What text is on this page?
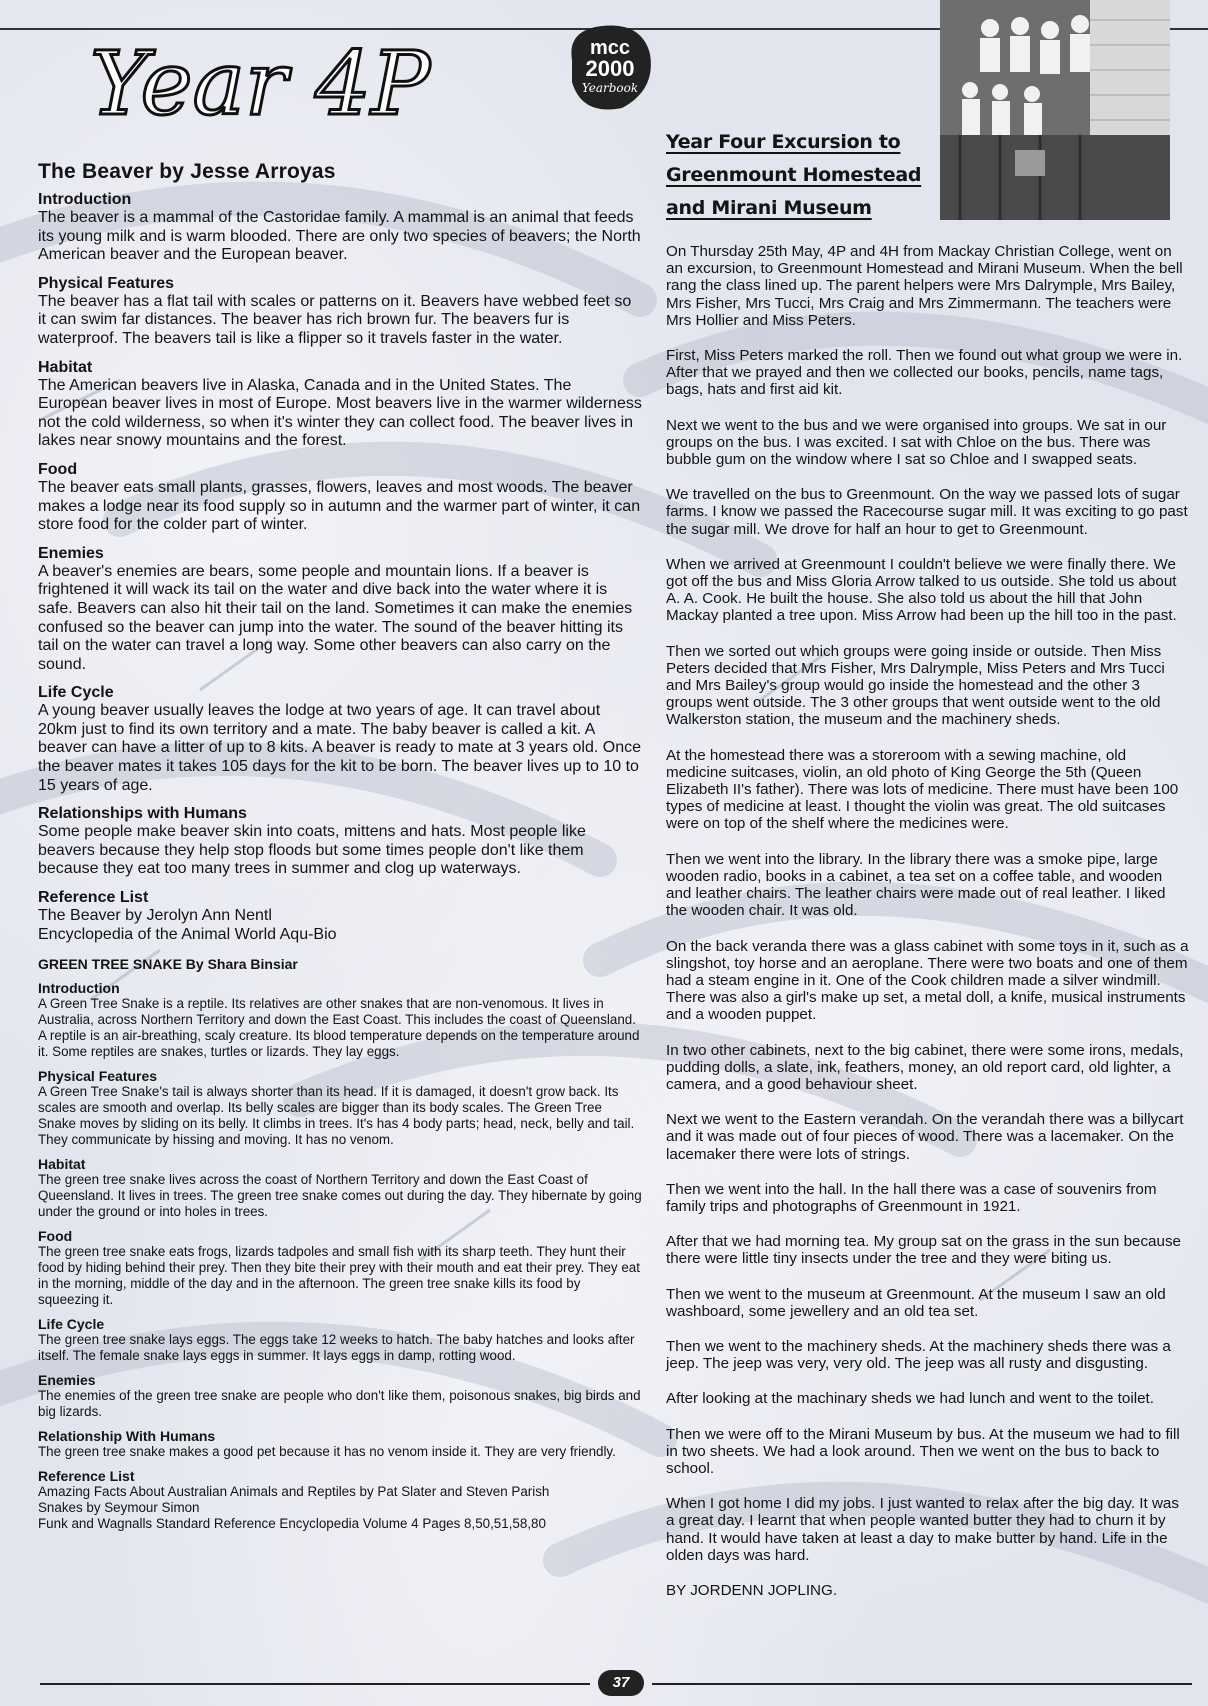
Year 4P	mcc
2000
Yearbook
The Beaver by Jesse Arroyas
Introduction
The beaver is a mammal of the Castoridae family. A mammal is an animal that feeds its young milk and is warm blooded. There are only two species of beavers; the North American beaver and the European beaver.
Physical Features
The beaver has a flat tail with scales or patterns on it. Beavers have webbed feet so it can swim far distances. The beaver has rich brown fur. The beavers fur is waterproof. The beavers tail is like a flipper so it travels faster in the water.
Habitat
The American beavers live in Alaska, Canada and in the United States. The European beaver lives in most of Europe. Most beavers live in the warmer wilderness not the cold wilderness, so when it's winter they can collect food. The beaver lives in lakes near snowy mountains and the forest.
Food
The beaver eats small plants, grasses, flowers, leaves and most woods. The beaver makes a lodge near its food supply so in autumn and the warmer part of winter, it can store food for the colder part of winter.
Enemies
A beaver's enemies are bears, some people and mountain lions. If a beaver is frightened it will wack its tail on the water and dive back into the water where it is safe. Beavers can also hit their tail on the land. Sometimes it can make the enemies confused so the beaver can jump into the water. The sound of the beaver hitting its tail on the water can travel a long way. Some other beavers can also carry on the sound.
Life Cycle
A young beaver usually leaves the lodge at two years of age. It can travel about 20km just to find its own territory and a mate. The baby beaver is called a kit. A beaver can have a litter of up to 8 kits. A beaver is ready to mate at 3 years old. Once the beaver mates it takes 105 days for the kit to be born. The beaver lives up to 10 to 15 years of age.
Relationships with Humans
Some people make beaver skin into coats, mittens and hats. Most people like beavers because they help stop floods but some times people don't like them because they eat too many trees in summer and clog up waterways.
Reference List
The Beaver by Jerolyn Ann Nentl
Encyclopedia of the Animal World Aqu-Bio
GREEN TREE SNAKE By Shara Binsiar
Introduction
A Green Tree Snake is a reptile. Its relatives are other snakes that are non-venomous. It lives in Australia, across Northern Territory and down the East Coast. This includes the coast of Queensland. A reptile is an air-breathing, scaly creature. Its blood temperature depends on the temperature around it. Some reptiles are snakes, turtles or lizards. They lay eggs.
Physical Features
A Green Tree Snake's tail is always shorter than its head. If it is damaged, it doesn't grow back. Its scales are smooth and overlap. Its belly scales are bigger than its body scales. The Green Tree Snake moves by sliding on its belly. It climbs in trees. It's has 4 body parts; head, neck, belly and tail. They communicate by hissing and moving. It has no venom.
Habitat
The green tree snake lives across the coast of Northern Territory and down the East Coast of Queensland. It lives in trees. The green tree snake comes out during the day. They hibernate by going under the ground or into holes in trees.
Food
The green tree snake eats frogs, lizards tadpoles and small fish with its sharp teeth. They hunt their food by hiding behind their prey. Then they bite their prey with their mouth and eat their prey. They eat in the morning, middle of the day and in the afternoon. The green tree snake kills its food by squeezing it.
Life Cycle
The green tree snake lays eggs. The eggs take 12 weeks to hatch. The baby hatches and looks after itself. The female snake lays eggs in summer. It lays eggs in damp, rotting wood.
Enemies
The enemies of the green tree snake are people who don't like them, poisonous snakes, big birds and big lizards.
Relationship With Humans
The green tree snake makes a good pet because it has no venom inside it. They are very friendly.
Reference List
Amazing Facts About Australian Animals and Reptiles by Pat Slater and Steven Parish
Snakes by Seymour Simon
Funk and Wagnalls Standard Reference Encyclopedia Volume 4 Pages 8,50,51,58,80
Year Four Excursion to
Greenmount Homestead
and Mirani Museum

On Thursday 25th May, 4P and 4H from Mackay Christian College, went on an excursion, to Greenmount Homestead and Mirani Museum. When the bell rang the class lined up. The parent helpers were Mrs Dalrymple, Mrs Bailey, Mrs Fisher, Mrs Tucci, Mrs Craig and Mrs Zimmermann. The teachers were Mrs Hollier and Miss Peters.

First, Miss Peters marked the roll. Then we found out what group we were in. After that we prayed and then we collected our books, pencils, name tags, bags, hats and first aid kit.

Next we went to the bus and we were organised into groups. We sat in our groups on the bus. I was excited. I sat with Chloe on the bus. There was bubble gum on the window where I sat so Chloe and I swapped seats.

We travelled on the bus to Greenmount. On the way we passed lots of sugar farms. I know we passed the Racecourse sugar mill. It was exciting to go past the sugar mill. We drove for half an hour to get to Greenmount.

When we arrived at Greenmount I couldn't believe we were finally there. We got off the bus and Miss Gloria Arrow talked to us outside. She told us about A. A. Cook. He built the house. She also told us about the hill that John Mackay planted a tree upon. Miss Arrow had been up the hill too in the past.

Then we sorted out which groups were going inside or outside. Then Miss Peters decided that Mrs Fisher, Mrs Dalrymple, Miss Peters and Mrs Tucci and Mrs Bailey's group would go inside the homestead and the other 3 groups went outside. The 3 other groups that went outside went to the old Walkerston station, the museum and the machinery sheds.

At the homestead there was a storeroom with a sewing machine, old medicine suitcases, violin, an old photo of King George the 5th (Queen Elizabeth II's father). There was lots of medicine. There must have been 100 types of medicine at least. I thought the violin was great. The old suitcases were on top of the shelf where the medicines were.

Then we went into the library. In the library there was a smoke pipe, large wooden radio, books in a cabinet, a tea set on a coffee table, and wooden and leather chairs. The leather chairs were made out of real leather. I liked the wooden chair. It was old.

On the back veranda there was a glass cabinet with some toys in it, such as a slingshot, toy horse and an aeroplane. There were two boats and one of them had a steam engine in it. One of the Cook children made a silver windmill. There was also a girl's make up set, a metal doll, a knife, musical instruments and a wooden puppet.

In two other cabinets, next to the big cabinet, there were some irons, medals, pudding dolls, a slate, ink, feathers, money, an old report card, old lighter, a camera, and a good behaviour sheet.

Next we went to the Eastern verandah. On the verandah there was a billycart and it was made out of four pieces of wood. There was a lacemaker. On the lacemaker there were lots of strings.

Then we went into the hall. In the hall there was a case of souvenirs from family trips and photographs of Greenmount in 1921.

After that we had morning tea. My group sat on the grass in the sun because there were little tiny insects under the tree and they were biting us.

Then we went to the museum at Greenmount. At the museum I saw an old washboard, some jewellery and an old tea set.

Then we went to the machinery sheds. At the machinery sheds there was a jeep. The jeep was very, very old. The jeep was all rusty and disgusting.

After looking at the machinary sheds we had lunch and went to the toilet.

Then we were off to the Mirani Museum by bus. At the museum we had to fill in two sheets. We had a look around. Then we went on the bus to back to school.

When I got home I did my jobs. I just wanted to relax after the big day. It was a great day. I learnt that when people wanted butter they had to churn it by hand. It would have taken at least a day to make butter by hand. Life in the olden days was hard.

BY JORDENN JOPLING.
37
